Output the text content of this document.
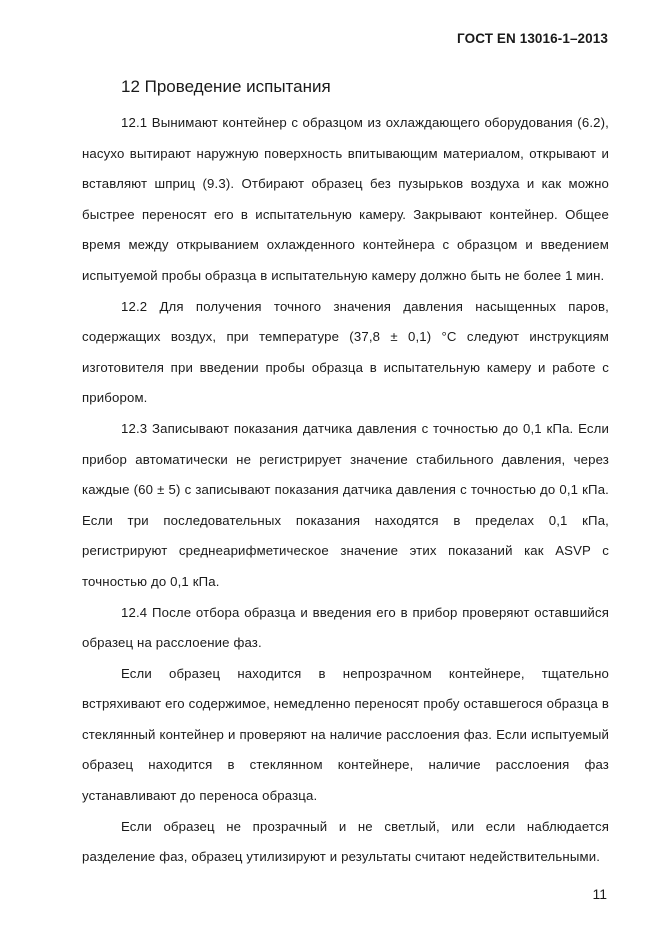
ГОСТ EN 13016-1–2013
12 Проведение испытания

12.1 Вынимают контейнер с образцом из охлаждающего оборудования (6.2), насухо вытирают наружную поверхность впитывающим материалом, открывают и вставляют шприц (9.3). Отбирают образец без пузырьков воздуха и как можно быстрее переносят его в испытательную камеру. Закрывают контейнер. Общее время между открыванием охлажденного контейнера с образцом и введением испытуемой пробы образца в испытательную камеру должно быть не более 1 мин.

12.2 Для получения точного значения давления насыщенных паров, содержащих воздух, при температуре (37,8 ± 0,1) °С следуют инструкциям изготовителя при введении пробы образца в испытательную камеру и работе с прибором.

12.3 Записывают показания датчика давления с точностью до 0,1 кПа. Если прибор автоматически не регистрирует значение стабильного давления, через каждые (60 ± 5) с записывают показания датчика давления с точностью до 0,1 кПа. Если три последовательных показания находятся в пределах 0,1 кПа, регистрируют среднеарифметическое значение этих показаний как ASVP с точностью до 0,1 кПа.

12.4 После отбора образца и введения его в прибор проверяют оставшийся образец на расслоение фаз.

Если образец находится в непрозрачном контейнере, тщательно встряхивают его содержимое, немедленно переносят пробу оставшегося образца в стеклянный контейнер и проверяют на наличие расслоения фаз. Если испытуемый образец находится в стеклянном контейнере, наличие расслоения фаз устанавливают до переноса образца.

Если образец не прозрачный и не светлый, или если наблюдается разделение фаз, образец утилизируют и результаты считают недействительными.

11
